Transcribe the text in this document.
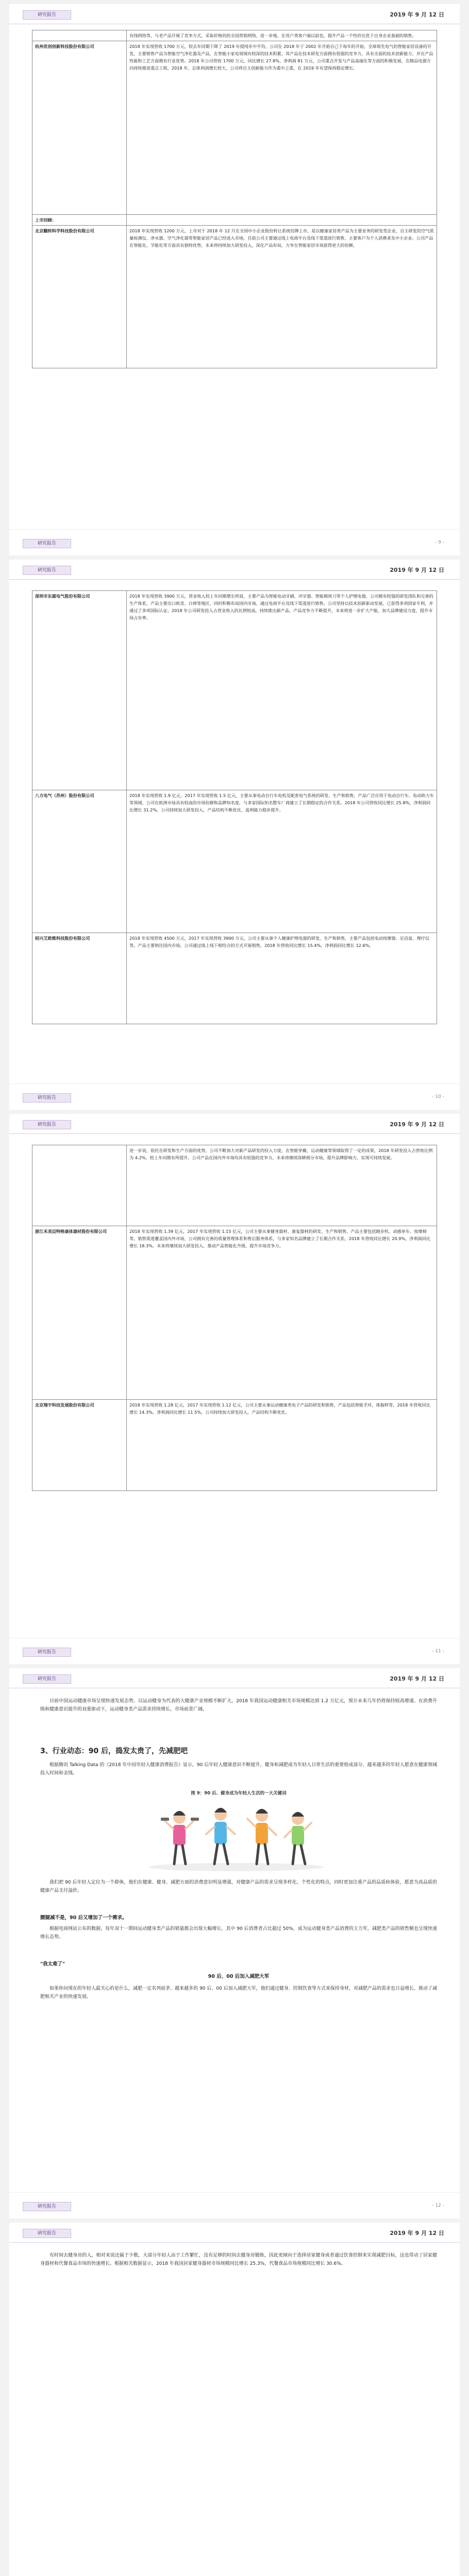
研究报告	2019 年 9 月 12 日
	有线网络等，与老产品开展了竞争方式，采取价格的的全国营销网络，进一步地，在用户类客户端以前也，提升产品一个性价比优于出身企业基础的销售。
杭州优创创新科技股份有限公司	2018 年实现营收 1700 万元，较去年同期下降了 2019 年提纯年中平均，公司在 2018 年于 2002 年开始自己于每年的开始，全球领先电气的智能家居设备的开发，主要销售产品为智能空气净化器及产品，在智能小家电领域有较深的技术积累，其产品在技术研发方面拥有很强的竞争力，具有全面的技术创新能力，并在产品性能和工艺方面拥有行业优势。2018 年公司营收 1700 万元，同比增长 27.8%，净利润 81 万元，公司重点开发与产品高端化等方面的积极发展，在精品电器方向持续推进重点工程，2018 年，总体利润增长较大，公司将自主创新能力作为重中之重，在 2019 年有望保持稳定增长。
上市回顾：	
北京翻转科学科技股份有限公司	2018 年实现营收 1200 万元，上市对于 2018 年 12 月在全国中小企业股份转让系统挂牌上市，是以健康家居类产品为主要业务的研发型企业，自主研发的空气质量检测仪、净水器、空气净化器等智能家居产品已经进入市场，目前公司主要通过线上电商平台及线下渠道进行销售，主要客户为个人消费者及中小企业。公司产品在智能化、节能化等方面具有独特优势，未来将持续加大研发投入，深化产品布局，力争在智能家居市场获得更大的份额。
研究报告	- 9 -
研究报告	2019 年 9 月 12 日
深圳市东霖电气股份有限公司	2018 年实现营收 3900 万元，营业收入较上年同期增长明显，主要产品为智能电动牙刷、冲牙器、智能剃须刀等个人护理电器，公司拥有较强的研发团队和完善的生产体系，产品主要出口欧美、日韩等地区，同时积极布局国内市场，通过电商平台及线下渠道进行销售。公司坚持以技术创新驱动发展，已获得多项国家专利，并通过了多项国际认证。2018 年公司研发投入占营业收入的比例较高，持续推出新产品，产品竞争力不断提升，未来将进一步扩大产能，加大品牌建设力度，提升市场占有率。
八方电气（苏州）股份有限公司	2018 年实现营收 1.9 亿元，2017 年实现营收 1.5 亿元，主要从事电动自行车电机及配套电气系统的研发、生产和销售，产品广泛应用于电动自行车、电动助力车等领域，公司在欧洲市场具有较高的市场份额和品牌知名度，与多家国际知名整车厂商建立了长期稳定的合作关系。2018 年公司营收同比增长 25.8%，净利润同比增长 31.2%，公司持续加大研发投入，产品结构不断优化，盈利能力稳步提升。
绍兴艾欧维科技股份有限公司	2018 年实现营收 4500 万元，2017 年实现营收 3900 万元，公司主要从事个人健康护理电器的研发、生产和销售，主要产品包括电动按摩器、足浴盆、理疗仪等，产品主要销往国内市场，公司通过线上线下相结合的方式开展销售，2018 年营收同比增长 15.4%，净利润同比增长 12.6%。
研究报告	- 10 -
研究报告	2019 年 9 月 12 日
	进一步说，依托在研发和生产方面的优势，公司不断加大对新产品研发的投入力度，在智能穿戴、运动健康等领域取得了一定的成果，2018 年研发投入占营收比例为 4.2%，较上年同期有所提升。公司产品在国内外市场均具有较强的竞争力，未来将继续深耕细分市场，提升品牌影响力，实现可持续发展。
浙江禾美迈特格康体器材股份有限公司	2018 年实现营收 1.39 亿元，2017 年实现营收 1.15 亿元，公司主要从事健身器材、康复器材的研发、生产和销售，产品主要包括跑步机、动感单车、按摩椅等，销售渠道覆盖国内外市场，公司拥有完善的质量管理体系和售后服务体系，与多家知名品牌建立了长期合作关系，2018 年营收同比增长 20.9%，净利润同比增长 18.3%，未来将继续加大研发投入，推动产品智能化升级，提升市场竞争力。
北京翔宇科技发展股份有限公司	2018 年实现营收 1.28 亿元，2017 年实现营收 1.12 亿元，公司主要从事运动健康类电子产品的研发和销售，产品包括智能手环、体脂秤等，2018 年营收同比增长 14.3%，净利润同比增长 11.5%，公司持续加大研发投入，产品结构不断优化。
研究报告	- 11 -
研究报告	2019 年 9 月 12 日

目前中国运动健康市场呈现快速发展态势，以运动健身为代表的大健康产业规模不断扩大，2018 年我国运动健康相关市场规模达到 1.2 万亿元，预计未来几年仍将保持较高增速。在消费升级和健康意识提升的双重驱动下，运动健身类产品需求持续增长，市场前景广阔。

3、行业动态：90 后，捣发太贵了，先减肥吧

根据腾讯 Talking Data 的《2018 年中国年轻人健康消费报告》显示，90 后年轻人健康意识不断提升，健身和减肥成为年轻人日常生活的重要组成部分，越来越多的年轻人愿意在健康领域投入时间和金钱。

图 9：90 后、健身成为年轻人生活的一大关键词

我们把 90 后年轻人定位为一个群体，他们在健康、健身、减肥方面的消费意识明显增强，对健康产品的需求呈现多样化、个性化的特点，同时更加注重产品的品质和体验，愿意为高品质的健康产品支付溢价。

腰腿减不是，90 后又增加了一个需求。

根据电商网站公布的数据，每年双十一期间运动健身类产品的销量都会出现大幅增长，其中 90 后消费者占比超过 50%，成为运动健身类产品消费的主力军，减肥类产品的销售额也呈现快速增长态势。

"我太难了"
90 后、00 后加入减肥大军

如果你问现在的年轻人最关心的是什么，减肥一定名列前茅。越来越多的 90 后、00 后加入减肥大军，他们通过健身、控制饮食等方式来保持身材，对减肥产品的需求也日益增长，推动了减肥相关产业的快速发展。

研究报告	- 12 -
研究报告	2019 年 9 月 12 日

有时间去健身房的人，相对来说还属于少数，大部分年轻人由于工作繁忙，没有足够的时间去健身房锻炼，因此更倾向于选择居家健身或者通过饮食控制来实现减肥目标，这也带动了居家健身器材和代餐食品市场的快速增长。根据相关数据显示，2018 年我国居家健身器材市场规模同比增长 25.3%，代餐食品市场规模同比增长 30.6%。
